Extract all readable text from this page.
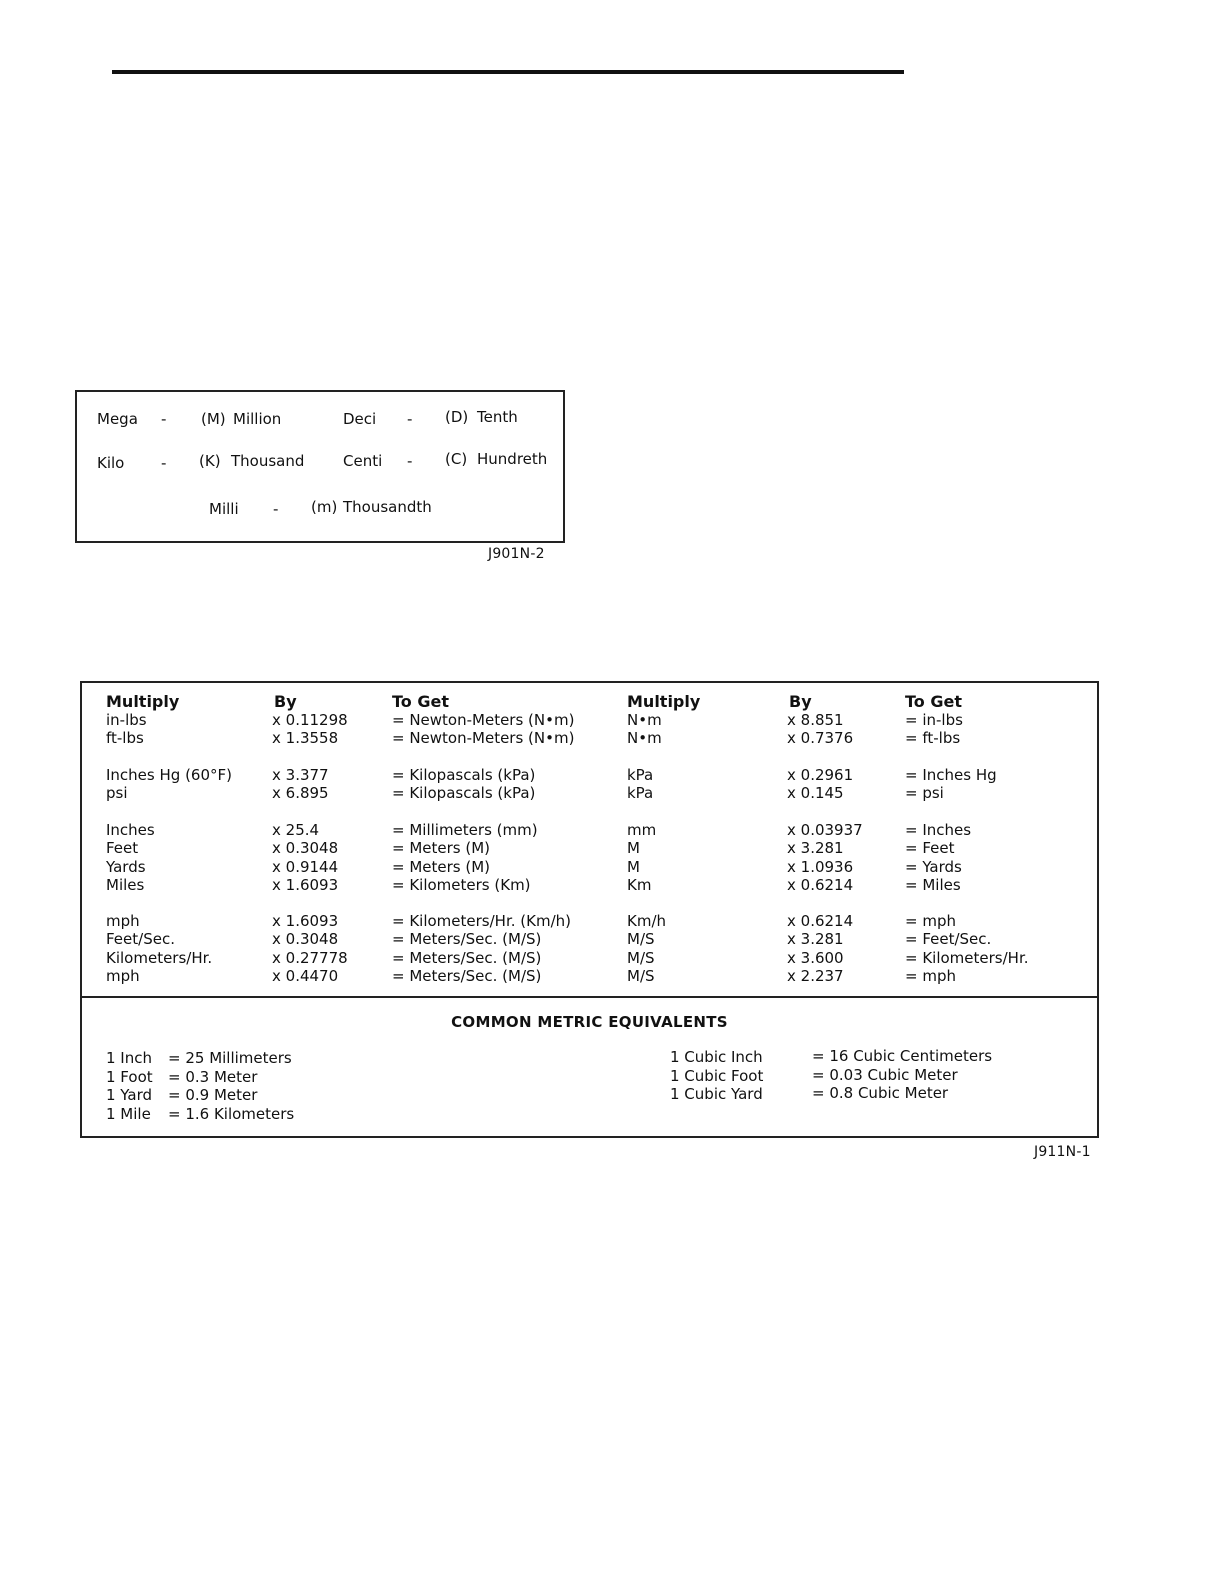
Mega - (M) Million	Deci - (D) Tenth
Kilo - (K) Thousand	Centi - (C) Hundreth
Milli - (m) Thousandth
J901N-2
Multiply	By	To Get	Multiply	By	To Get
in-lbs	x 0.11298	= Newton-Meters (N•m)	N•m	x 8.851	= in-lbs
ft-lbs	x 1.3558	= Newton-Meters (N•m)	N•m	x 0.7376	= ft-lbs
Inches Hg (60°F)	x 3.377	= Kilopascals (kPa)	kPa	x 0.2961	= Inches Hg
psi	x 6.895	= Kilopascals (kPa)	kPa	x 0.145	= psi
Inches	x 25.4	= Millimeters (mm)	mm	x 0.03937	= Inches
Feet	x 0.3048	= Meters (M)	M	x 3.281	= Feet
Yards	x 0.9144	= Meters (M)	M	x 1.0936	= Yards
Miles	x 1.6093	= Kilometers (Km)	Km	x 0.6214	= Miles
mph	x 1.6093	= Kilometers/Hr. (Km/h)	Km/h	x 0.6214	= mph
Feet/Sec.	x 0.3048	= Meters/Sec. (M/S)	M/S	x 3.281	= Feet/Sec.
Kilometers/Hr.	x 0.27778	= Meters/Sec. (M/S)	M/S	x 3.600	= Kilometers/Hr.
mph	x 0.4470	= Meters/Sec. (M/S)	M/S	x 2.237	= mph
COMMON METRIC EQUIVALENTS
1 Inch = 25 Millimeters
1 Foot = 0.3 Meter
1 Yard = 0.9 Meter
1 Mile = 1.6 Kilometers
1 Cubic Inch	= 16 Cubic Centimeters
1 Cubic Foot	= 0.03 Cubic Meter
1 Cubic Yard	= 0.8 Cubic Meter
J911N-1
